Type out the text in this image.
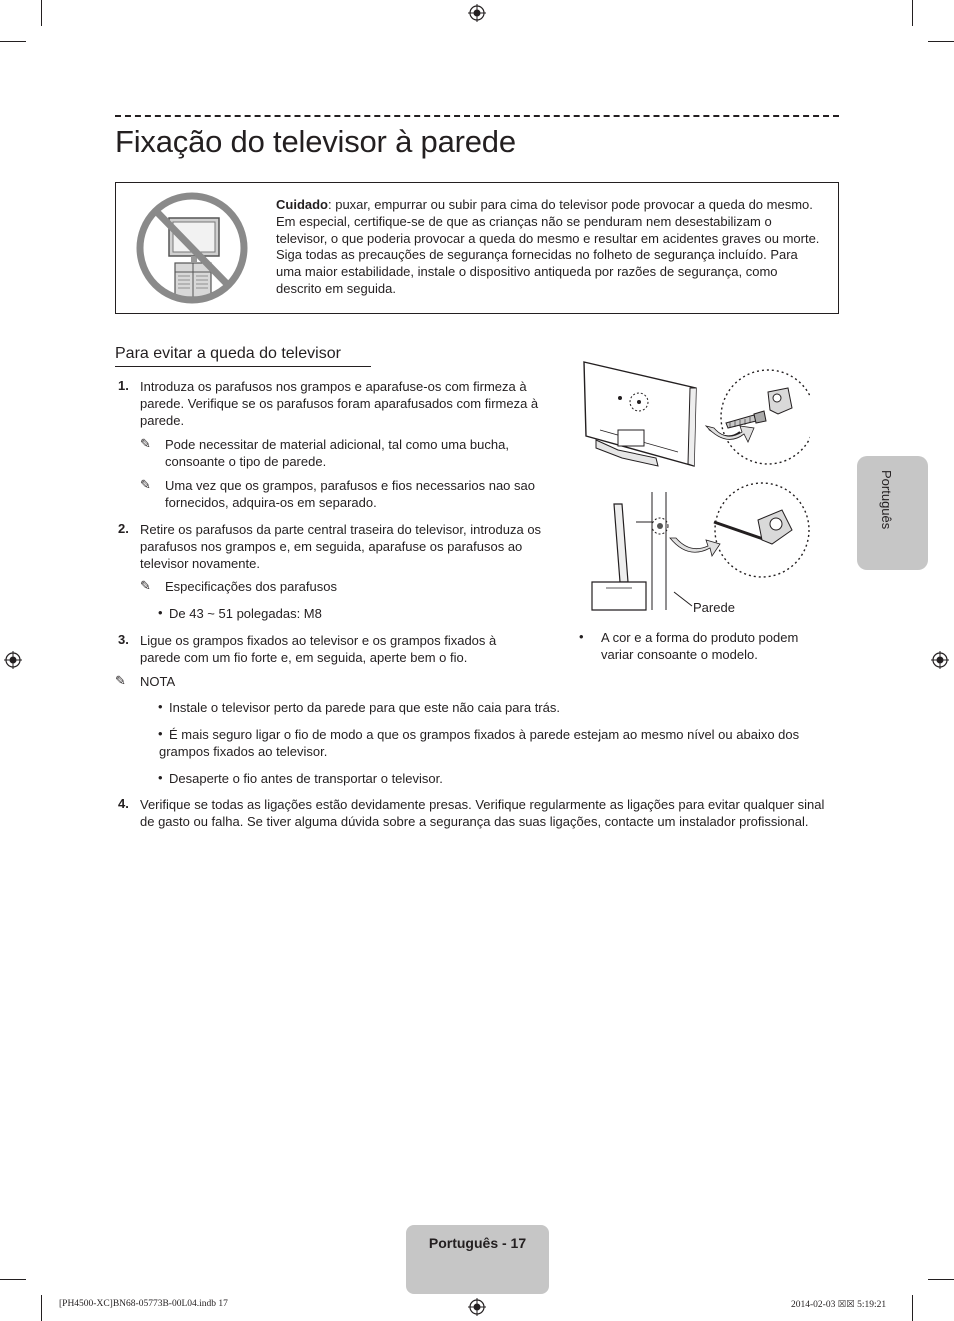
Fixação do televisor à parede
Cuidado: puxar, empurrar ou subir para cima do televisor pode provocar a queda do mesmo. Em especial, certifique-se de que as crianças não se penduram nem desestabilizam o televisor, o que poderia provocar a queda do mesmo e resultar em acidentes graves ou morte. Siga todas as precauções de segurança fornecidas no folheto de segurança incluído. Para uma maior estabilidade, instale o dispositivo antiqueda por razões de segurança, como descrito em seguida.
Para evitar a queda do televisor
1. Introduza os parafusos nos grampos e aparafuse-os com firmeza à parede. Verifique se os parafusos foram aparafusados com firmeza à parede.
✎ Pode necessitar de material adicional, tal como uma bucha, consoante o tipo de parede.
✎ Uma vez que os grampos, parafusos e fios necessarios nao sao fornecidos, adquira-os em separado.
2. Retire os parafusos da parte central traseira do televisor, introduza os parafusos nos grampos e, em seguida, aparafuse os parafusos ao televisor novamente.
✎ Especificações dos parafusos
• De 43 ~ 51 polegadas: M8
3. Ligue os grampos fixados ao televisor e os grampos fixados à parede com um fio forte e, em seguida, aperte bem o fio.
✎ NOTA
• Instale o televisor perto da parede para que este não caia para trás.
• É mais seguro ligar o fio de modo a que os grampos fixados à parede estejam ao mesmo nível ou abaixo dos grampos fixados ao televisor.
• Desaperte o fio antes de transportar o televisor.
4. Verifique se todas as ligações estão devidamente presas. Verifique regularmente as ligações para evitar qualquer sinal de gasto ou falha. Se tiver alguma dúvida sobre a segurança das suas ligações, contacte um instalador profissional.
Parede
• A cor e a forma do produto podem variar consoante o modelo.
Português
Português - 17
[PH4500-XC]BN68-05773B-00L04.indb 17	2014-02-03 ☒☒ 5:19:21
